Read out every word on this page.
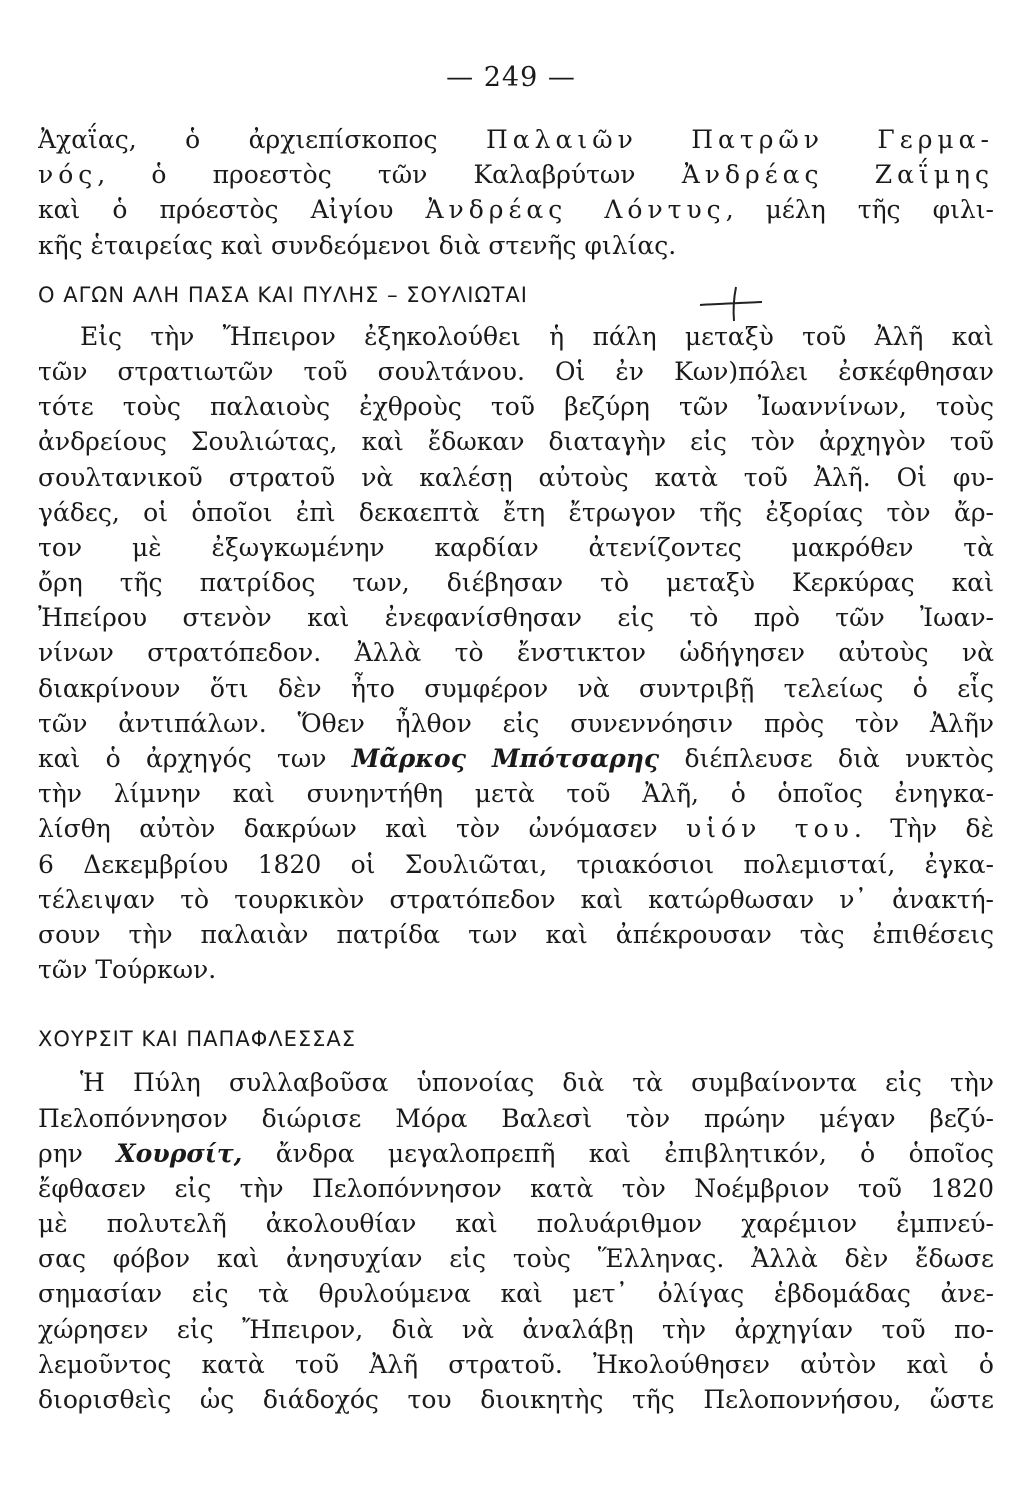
— 249 —
Ἀχαΐας, ὁ ἀρχιεπίσκοπος Παλαιῶν Πατρῶν Γερμα-
νός, ὁ προεστὸς τῶν Καλαβρύτων Ἀνδρέας Ζαΐμης
καὶ ὁ πρόεστὸς Αἰγίου Ἀνδρέας Λόντυς, μέλη τῆς φιλι-
κῆς ἑταιρείας καὶ συνδεόμενοι διὰ στενῆς φιλίας.
Ο ΑΓΩΝ ΑΛΗ ΠΑΣΑ ΚΑΙ ΠΥΛΗΣ – ΣΟΥΛΙΩΤΑΙ
Εἰς τὴν Ἤπειρον ἐξηκολούθει ἡ πάλη μεταξὺ τοῦ Ἀλῆ καὶ
τῶν στρατιωτῶν τοῦ σουλτάνου. Οἱ ἐν Κων)πόλει ἐσκέφθησαν
τότε τοὺς παλαιοὺς ἐχθροὺς τοῦ βεζύρη τῶν Ἰωαννίνων, τοὺς
ἀνδρείους Σουλιώτας, καὶ ἔδωκαν διαταγὴν εἰς τὸν ἀρχηγὸν τοῦ
σουλτανικοῦ στρατοῦ νὰ καλέσῃ αὐτοὺς κατὰ τοῦ Ἀλῆ. Οἱ φυ-
γάδες, οἱ ὁποῖοι ἐπὶ δεκαεπτὰ ἔτη ἔτρωγον τῆς ἐξορίας τὸν ἄρ-
τον μὲ ἐξωγκωμένην καρδίαν ἀτενίζοντες μακρόθεν τὰ
ὄρη τῆς πατρίδος των, διέβησαν τὸ μεταξὺ Κερκύρας καὶ
Ἠπείρου στενὸν καὶ ἐνεφανίσθησαν εἰς τὸ πρὸ τῶν Ἰωαν-
νίνων στρατόπεδον. Ἀλλὰ τὸ ἔνστικτον ὡδήγησεν αὐτοὺς νὰ
διακρίνουν ὅτι δὲν ἦτο συμφέρον νὰ συντριβῇ τελείως ὁ εἷς
τῶν ἀντιπάλων. Ὅθεν ἦλθον εἰς συνεννόησιν πρὸς τὸν Ἀλῆν
καὶ ὁ ἀρχηγός των Μᾶρκος Μπότσαρης διέπλευσε διὰ νυκτὸς
τὴν λίμνην καὶ συνηντήθη μετὰ τοῦ Ἀλῆ, ὁ ὁποῖος ἐνηγκα-
λίσθη αὐτὸν δακρύων καὶ τὸν ὠνόμασεν υἱόν του. Τὴν δὲ
6 Δεκεμβρίου 1820 οἱ Σουλιῶται, τριακόσιοι πολεμισταί, ἐγκα-
τέλειψαν τὸ τουρκικὸν στρατόπεδον καὶ κατώρθωσαν ν᾽ ἀνακτή-
σουν τὴν παλαιὰν πατρίδα των καὶ ἀπέκρουσαν τὰς ἐπιθέσεις
τῶν Τούρκων.
ΧΟΥΡΣΙΤ ΚΑΙ ΠΑΠΑΦΛΕΣΣΑΣ
Ἡ Πύλη συλλαβοῦσα ὑπονοίας διὰ τὰ συμβαίνοντα εἰς τὴν
Πελοπόννησον διώρισε Μόρα Βαλεσὶ τὸν πρώην μέγαν βεζύ-
ρην Χουρσίτ, ἄνδρα μεγαλοπρεπῆ καὶ ἐπιβλητικόν, ὁ ὁποῖος
ἔφθασεν εἰς τὴν Πελοπόννησον κατὰ τὸν Νοέμβριον τοῦ 1820
μὲ πολυτελῆ ἀκολουθίαν καὶ πολυάριθμον χαρέμιον ἐμπνεύ-
σας φόβον καὶ ἀνησυχίαν εἰς τοὺς Ἕλληνας. Ἀλλὰ δὲν ἔδωσε
σημασίαν εἰς τὰ θρυλούμενα καὶ μετ᾽ ὀλίγας ἑβδομάδας ἀνε-
χώρησεν εἰς Ἤπειρον, διὰ νὰ ἀναλάβῃ τὴν ἀρχηγίαν τοῦ πο-
λεμοῦντος κατὰ τοῦ Ἀλῆ στρατοῦ. Ἠκολούθησεν αὐτὸν καὶ ὁ
διορισθεὶς ὡς διάδοχός του διοικητὴς τῆς Πελοποννήσου, ὥστε
